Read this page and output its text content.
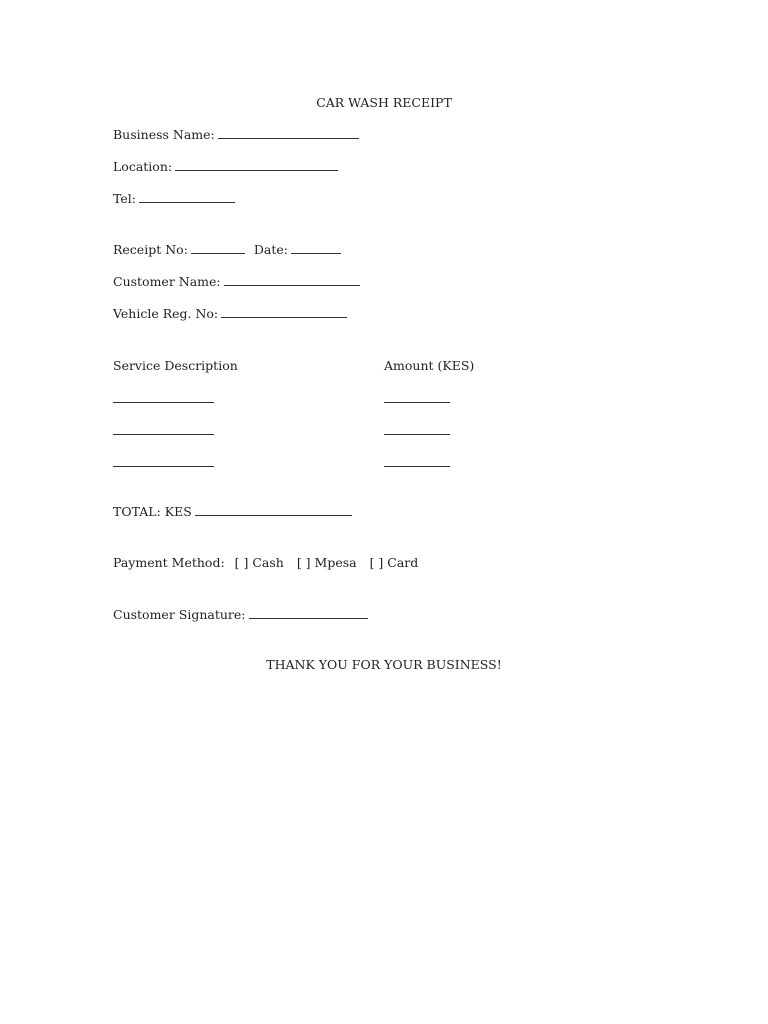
CAR WASH RECEIPT
Business Name:
Location:
Tel:
Receipt No:	Date:
Customer Name:
Vehicle Reg. No:
Service Description	Amount (KES)
TOTAL: KES
Payment Method: [ ] Cash [ ] Mpesa [ ] Card
Customer Signature:
THANK YOU FOR YOUR BUSINESS!
